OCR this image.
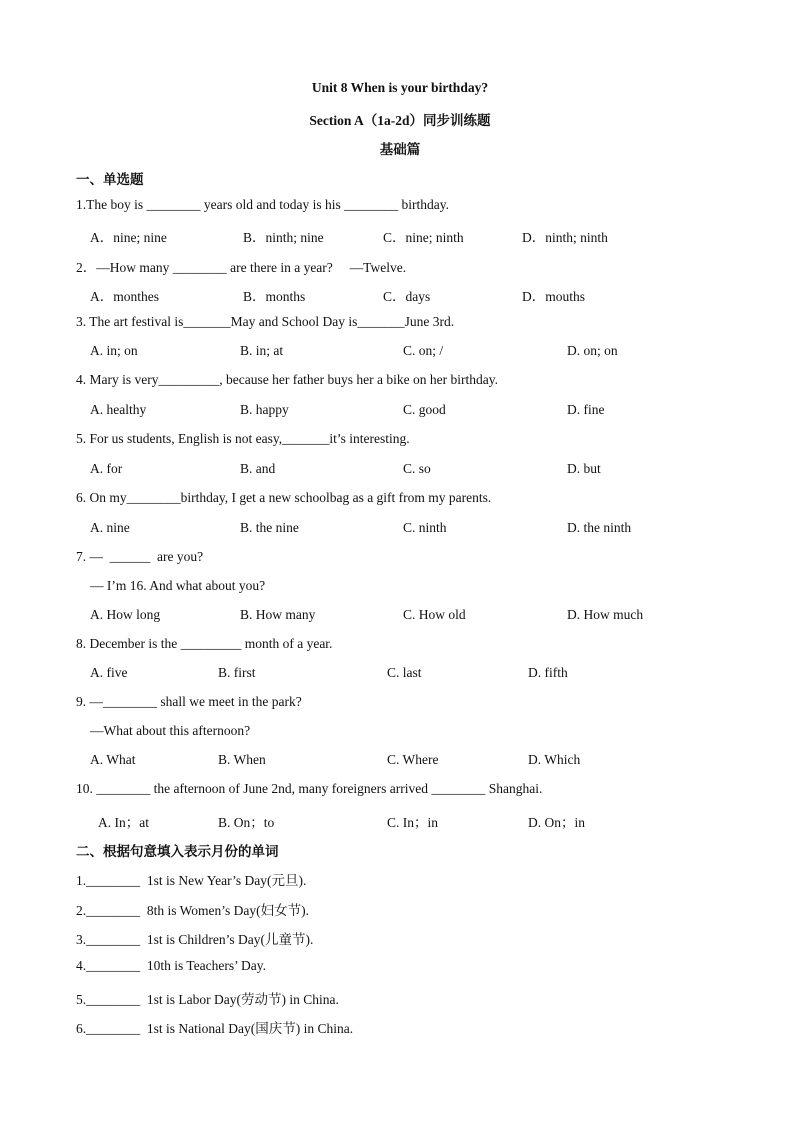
Unit 8 When is your birthday?
Section A（1a-2d）同步训练题
基础篇
一、单选题
1.The boy is ________ years old and today is his ________ birthday.
A．nine; nine	B．ninth; nine	C．nine; ninth	D．ninth; ninth
2．—How many ________ are there in a year?     —Twelve.
A．monthes	B．months	C．days	D．mouths
3. The art festival is_______May and School Day is_______June 3rd.
A. in; on	B. in; at	C. on; /	D. on; on
4. Mary is very_________, because her father buys her a bike on her birthday.
A. healthy	B. happy	C. good	D. fine
5. For us students, English is not easy,_______it’s interesting.
A. for	B. and	C. so	D. but
6. On my________birthday, I get a new schoolbag as a gift from my parents.
A. nine	B. the nine	C. ninth	D. the ninth
7. —  ______  are you?
— I’m 16. And what about you?
A. How long	B. How many	C. How old	D. How much
8. December is the _________ month of a year.
A. five	B. first	C. last	D. fifth
9. —________ shall we meet in the park?
—What about this afternoon?
A. What	B. When	C. Where	D. Which
10. ________ the afternoon of June 2nd, many foreigners arrived ________ Shanghai.
A. In；at	B. On；to	C. In；in	D. On；in
二、根据句意填入表示月份的单词
1.________  1st is New Year’s Day(元旦).
2.________  8th is Women’s Day(妇女节).
3.________  1st is Children’s Day(儿童节).
4.________  10th is Teachers’ Day.
5.________  1st is Labor Day(劳动节) in China.
6.________  1st is National Day(国庆节) in China.
